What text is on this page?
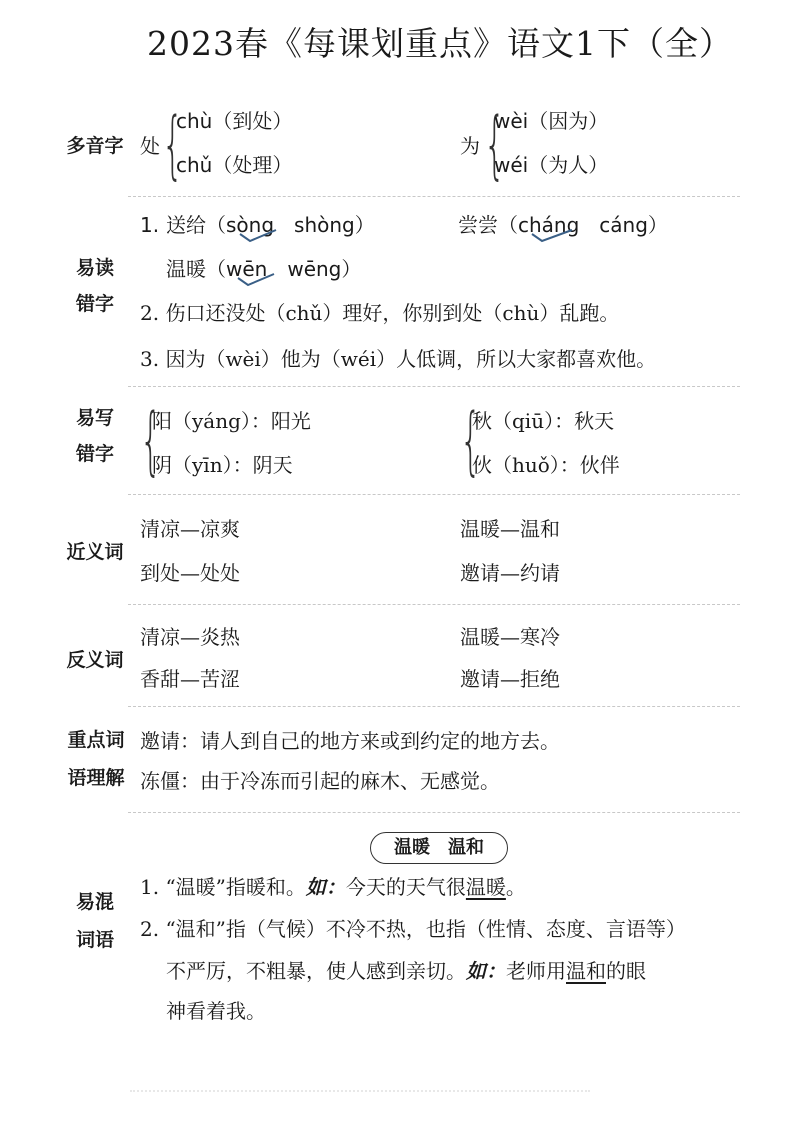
2023春《每课划重点》语文1下（全）
多音字 处 {
chù（到处）
chǔ（处理）
为 {
wèi（因为）
wéi（为人）
易读
错字
1. 送给 （sòng　shòng）	尝尝 （cháng　cáng）
温暖 （wēn　wēng）
2. 伤口还没处（chǔ）理好，你别到处（chù）乱跑。
3. 因为（wèi）他为（wéi）人低调，所以大家都喜欢他。
易写
错字 {
阳（yáng）：阳光
阴（yīn）：阴天 {
秋（qiū）：秋天
伙（huǒ）：伙伴
近义词
清凉—凉爽
到处—处处
温暖—温和
邀请—约请
反义词
清凉—炎热
香甜—苦涩
温暖—寒冷
邀请—拒绝
重点词
语理解
邀请：请人到自己的地方来或到约定的地方去。
冻僵：由于冷冻而引起的麻木、无感觉。
温暖　温和
易混
词语
1. “温暖”指暖和。如：今天的天气很温暖。
2. “温和”指（气候）不冷不热，也指（性情、态度、言语等）
不严厉，不粗暴，使人感到亲切。如：老师用温和的眼
神看着我。
